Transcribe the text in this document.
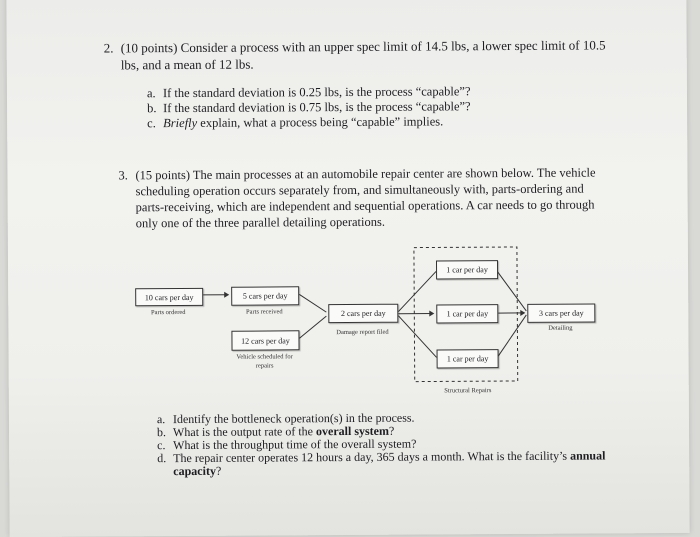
2. (10 points) Consider a process with an upper spec limit of 14.5 lbs, a lower spec limit of 10.5
lbs, and a mean of 12 lbs.
a. If the standard deviation is 0.25 lbs, is the process “capable”?
b. If the standard deviation is 0.75 lbs, is the process “capable”?
c. Briefly explain, what a process being “capable” implies.
3. (15 points) The main processes at an automobile repair center are shown below. The vehicle
scheduling operation occurs separately from, and simultaneously with, parts-ordering and
parts-receiving, which are independent and sequential operations. A car needs to go through
only one of the three parallel detailing operations.
10 cars per day
Parts ordered
5 cars per day
Parts received
12 cars per day
Vehicle scheduled for
repairs
2 cars per day
Damage report filed
1 car per day
1 car per day
1 car per day
Structural Repairs
3 cars per day
Detailing
a. Identify the bottleneck operation(s) in the process.
b. What is the output rate of the overall system?
c. What is the throughput time of the overall system?
d. The repair center operates 12 hours a day, 365 days a month. What is the facility’s annual
capacity?
